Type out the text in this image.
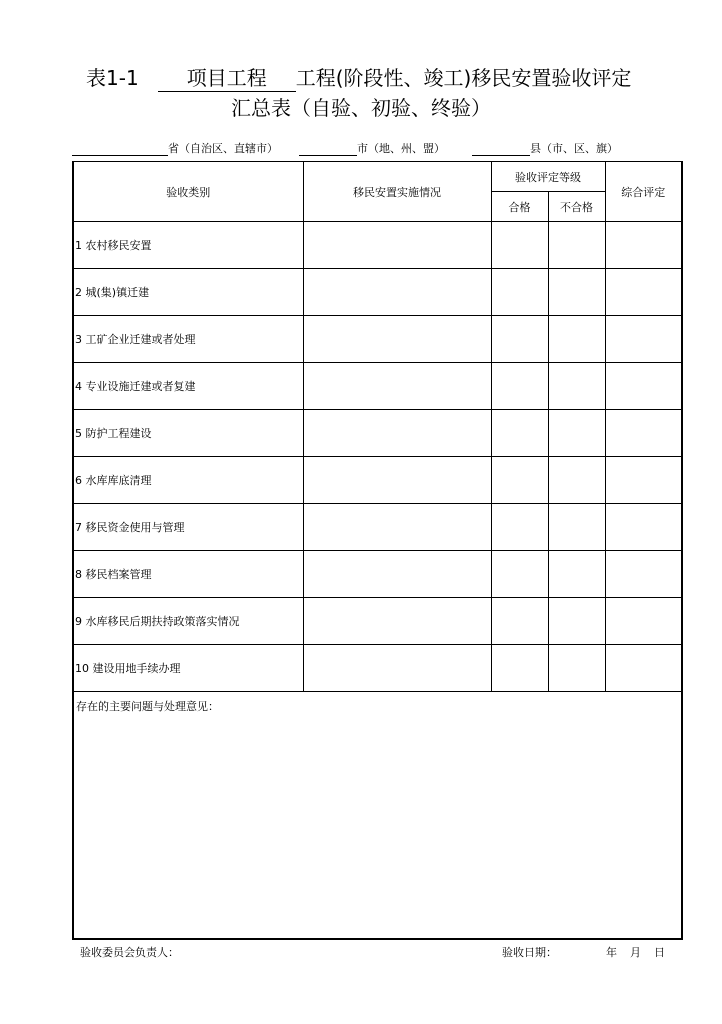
表1-1 项目工程 工程(阶段性、竣工)移民安置验收评定
汇总表（自验、初验、终验）
省（自治区、直辖市）	市（地、州、盟）	县（市、区、旗）
验收类别	移民安置实施情况	验收评定等级		综合评定
		合格	不合格	
1 农村移民安置				
2 城(集)镇迁建				
3 工矿企业迁建或者处理				
4 专业设施迁建或者复建				
5 防护工程建设				
6 水库库底清理				
7 移民资金使用与管理				
8 移民档案管理				
9 水库移民后期扶持政策落实情况				
10 建设用地手续办理				
存在的主要问题与处理意见：				
验收委员会负责人：	验收日期：	年 月 日
